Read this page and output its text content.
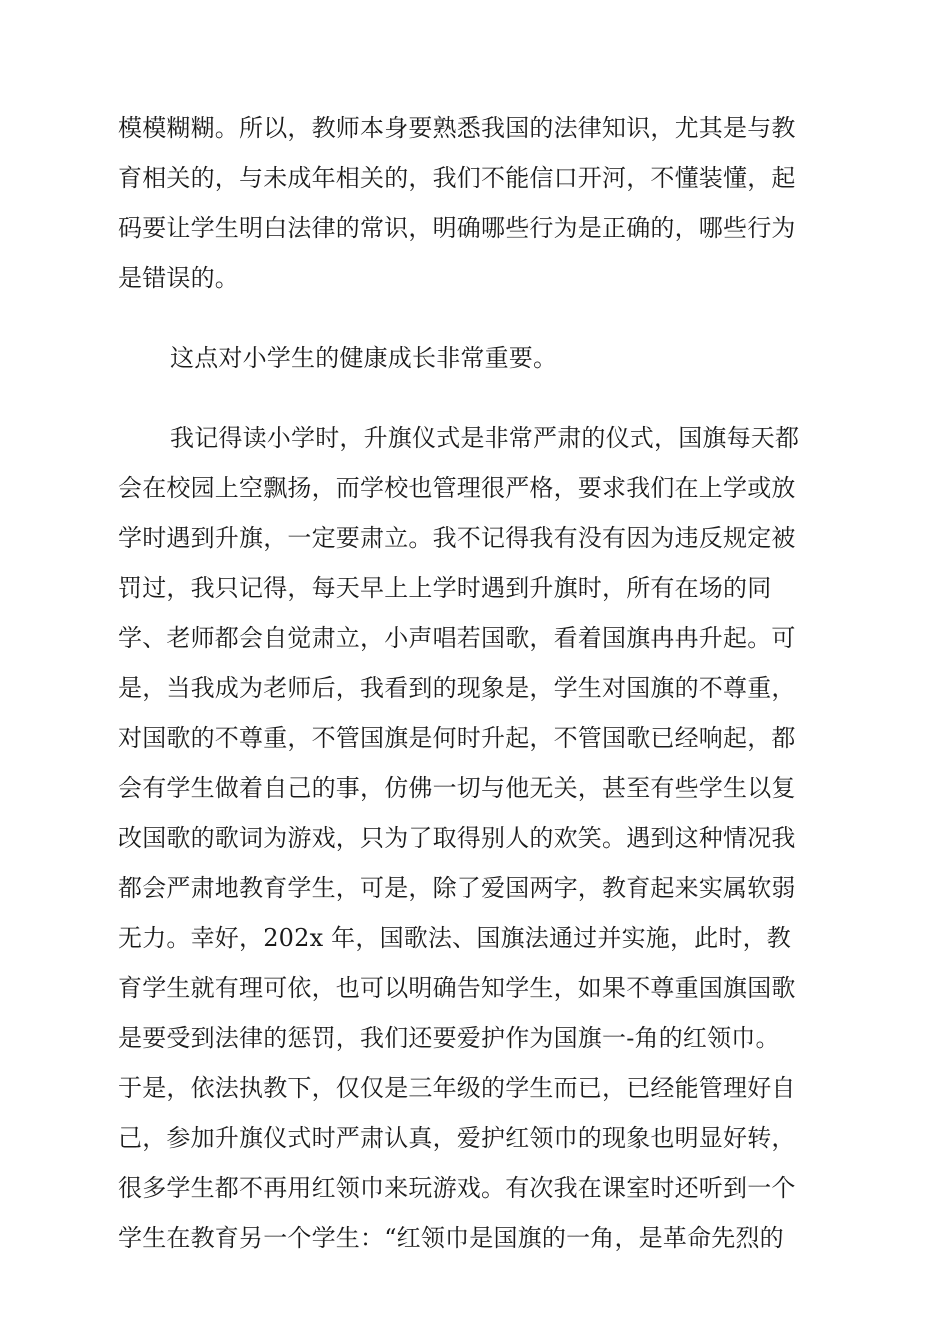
模模糊糊。所以，教师本身要熟悉我国的法律知识，尤其是与教
育相关的，与未成年相关的，我们不能信口开河，不懂装懂，起
码要让学生明白法律的常识，明确哪些行为是正确的，哪些行为
是错误的。
这点对小学生的健康成长非常重要。
我记得读小学时，升旗仪式是非常严肃的仪式，国旗每天都
会在校园上空飘扬，而学校也管理很严格，要求我们在上学或放
学时遇到升旗，一定要肃立。我不记得我有没有因为违反规定被
罚过，我只记得，每天早上上学时遇到升旗时，所有在场的同
学、老师都会自觉肃立，小声唱若国歌，看着国旗冉冉升起。可
是，当我成为老师后，我看到的现象是，学生对国旗的不尊重，
对国歌的不尊重，不管国旗是何时升起，不管国歌已经响起，都
会有学生做着自己的事，仿佛一切与他无关，甚至有些学生以复
改国歌的歌词为游戏，只为了取得别人的欢笑。遇到这种情况我
都会严肃地教育学生，可是，除了爱国两字，教育起来实属软弱
无力。幸好，202x 年，国歌法、国旗法通过并实施，此时，教
育学生就有理可依，也可以明确告知学生，如果不尊重国旗国歌
是要受到法律的惩罚，我们还要爱护作为国旗一-角的红领巾。
于是，依法执教下，仅仅是三年级的学生而已，已经能管理好自
己，参加升旗仪式时严肃认真，爱护红领巾的现象也明显好转，
很多学生都不再用红领巾来玩游戏。有次我在课室时还听到一个
学生在教育另一个学生：“红领巾是国旗的一角，是革命先烈的
